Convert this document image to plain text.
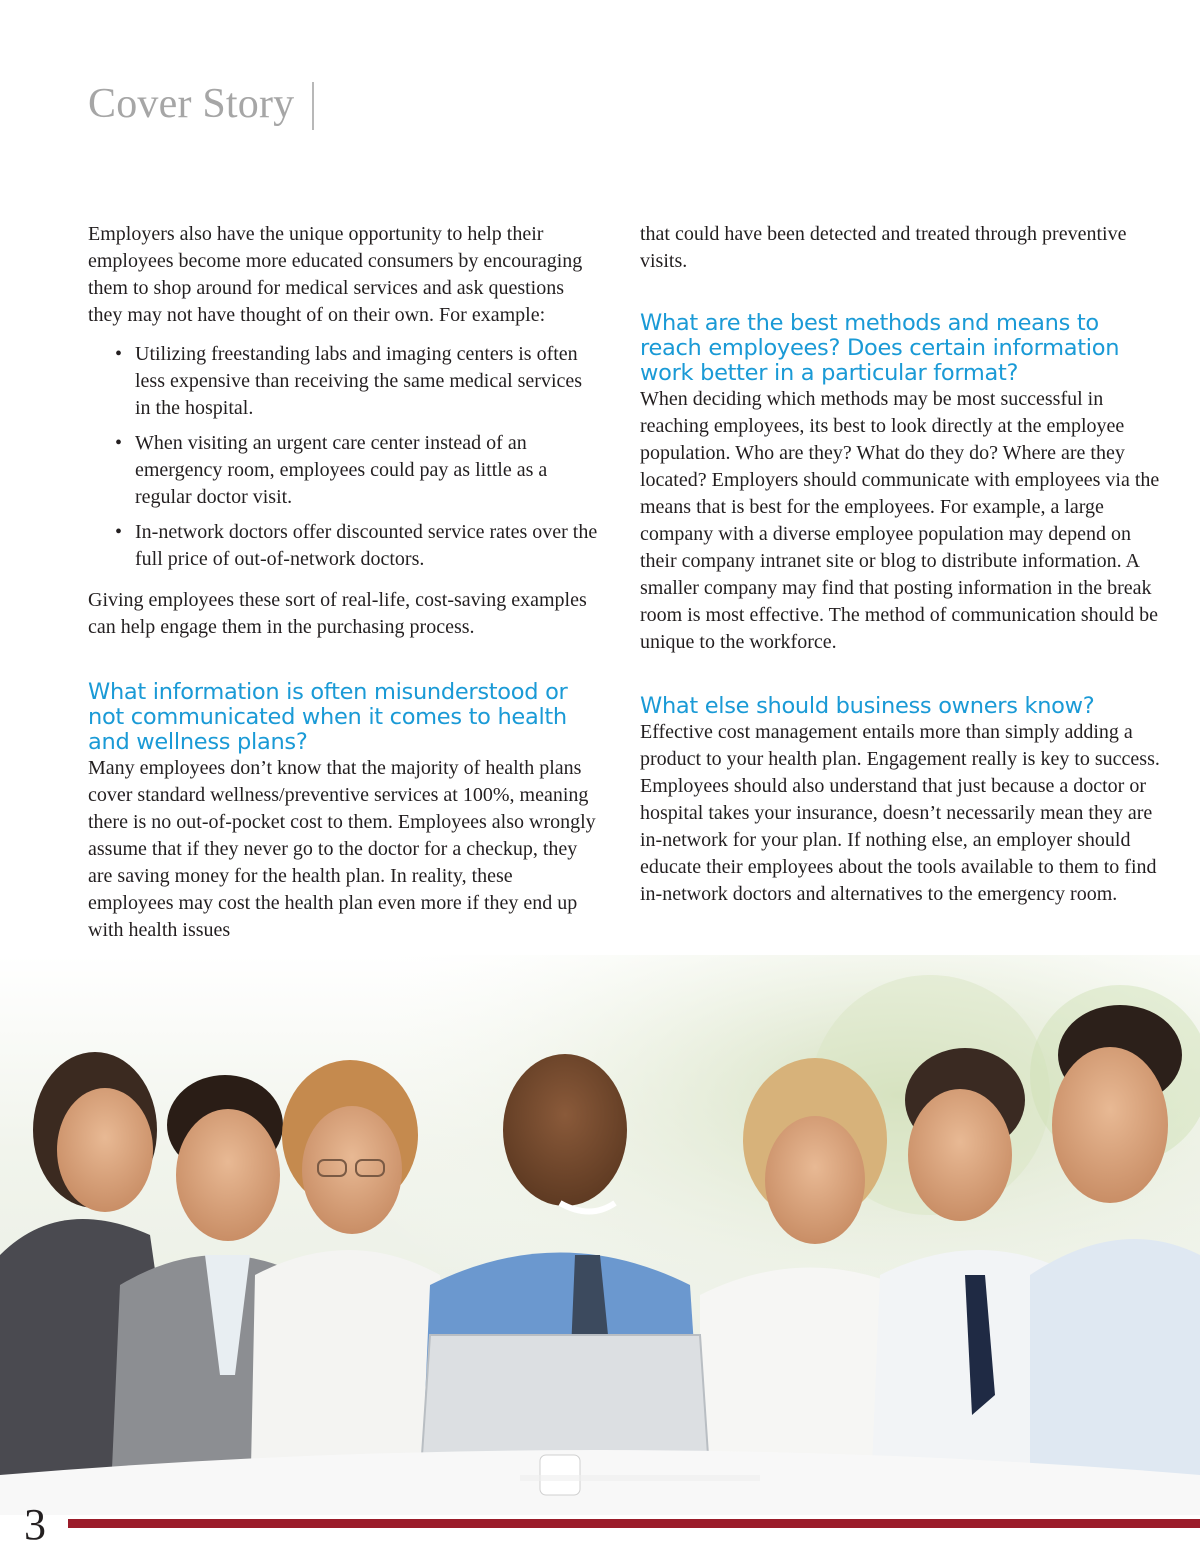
Cover Story

Employers also have the unique opportunity to help their employees become more educated consumers by encouraging them to shop around for medical services and ask questions they may not have thought of on their own. For example:

• Utilizing freestanding labs and imaging centers is often less expensive than receiving the same medical services in the hospital.
• When visiting an urgent care center instead of an emergency room, employees could pay as little as a regular doctor visit.
• In-network doctors offer discounted service rates over the full price of out-of-network doctors.

Giving employees these sort of real-life, cost-saving examples can help engage them in the purchasing process.

What information is often misunderstood or not communicated when it comes to health and wellness plans?

Many employees don’t know that the majority of health plans cover standard wellness/preventive services at 100%, meaning there is no out-of-pocket cost to them. Employees also wrongly assume that if they never go to the doctor for a checkup, they are saving money for the health plan. In reality, these employees may cost the health plan even more if they end up with health issues

that could have been detected and treated through preventive visits.

What are the best methods and means to reach employees? Does certain information work better in a particular format?

When deciding which methods may be most successful in reaching employees, its best to look directly at the employee population. Who are they? What do they do? Where are they located? Employers should communicate with employees via the means that is best for the employees. For example, a large company with a diverse employee population may depend on their company intranet site or blog to distribute information. A smaller company may find that posting information in the break room is most effective. The method of communication should be unique to the workforce.

What else should business owners know?

Effective cost management entails more than simply adding a product to your health plan. Engagement really is key to success. Employees should also understand that just because a doctor or hospital takes your insurance, doesn’t necessarily mean they are in-network for your plan. If nothing else, an employer should educate their employees about the tools available to them to find in-network doctors and alternatives to the emergency room.

3
